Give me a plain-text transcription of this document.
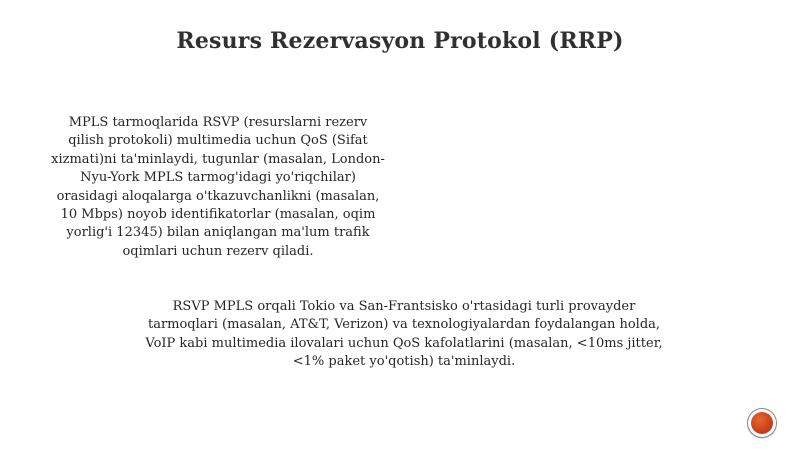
Resurs Rezervasyon Protokol (RRP)

MPLS tarmoqlarida RSVP (resurslarni rezerv qilish protokoli) multimedia uchun QoS (Sifat xizmati)ni ta'minlaydi, tugunlar (masalan, London-Nyu-York MPLS tarmog'idagi yo'riqchilar) orasidagi aloqalarga o'tkazuvchanlikni (masalan, 10 Mbps) noyob identifikatorlar (masalan, oqim yorlig'i 12345) bilan aniqlangan ma'lum trafik oqimlari uchun rezerv qiladi.

RSVP MPLS orqali Tokio va San-Frantsisko o'rtasidagi turli provayder tarmoqlari (masalan, AT&T, Verizon) va texnologiyalardan foydalangan holda, VoIP kabi multimedia ilovalari uchun QoS kafolatlarini (masalan, <10ms jitter, <1% paket yo'qotish) ta'minlaydi.
